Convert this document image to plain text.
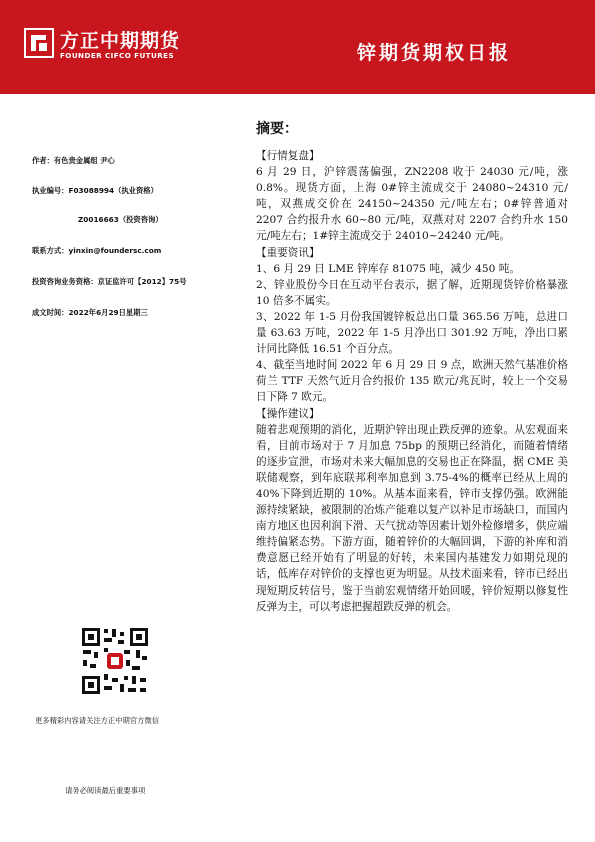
方正中期期货
FOUNDER CIFCO FUTURES	锌期货期权日报
作者：有色贵金属组 尹心
执业编号：F03088994（执业资格）
Z0016663（投资咨询）
联系方式：yinxin@foundersc.com
投资咨询业务资格：京证监许可【2012】75号
成文时间：2022年6月29日星期三
摘要：
【行情复盘】

6 月 29 日，沪锌震荡偏强，ZN2208 收于 24030 元/吨，涨 0.8%。现货方面，上海 0#锌主流成交于 24080~24310 元/吨，双燕成交价在 24150~24350 元/吨左右；0#锌普通对 2207 合约报升水 60~80 元/吨，双燕对对 2207 合约升水 150 元/吨左右；1#锌主流成交于 24010~24240 元/吨。

【重要资讯】

1、6 月 29 日 LME 锌库存 81075 吨，减少 450 吨。

2、锌业股份今日在互动平台表示，据了解，近期现货锌价格暴涨 10 倍多不属实。

3、2022 年 1-5 月份我国镀锌板总出口量 365.56 万吨，总进口量 63.63 万吨，2022 年 1-5 月净出口 301.92 万吨，净出口累计同比降低 16.51 个百分点。

4、截至当地时间 2022 年 6 月 29 日 9 点，欧洲天然气基准价格荷兰 TTF 天然气近月合约报价 135 欧元/兆瓦时，较上一个交易日下降 7 欧元。

【操作建议】

随着悲观预期的消化，近期沪锌出现止跌反弹的迹象。从宏观面来看，目前市场对于 7 月加息 75bp 的预期已经消化，而随着情绪的逐步宣泄，市场对未来大幅加息的交易也正在降温，据 CME 美联储观察，到年底联邦利率加息到 3.75-4%的概率已经从上周的 40%下降到近期的 10%。从基本面来看，锌市支撑仍强。欧洲能源持续紧缺，被限制的冶炼产能难以复产以补足市场缺口，而国内南方地区也因利润下滑、天气扰动等因素计划外检修增多，供应端维持偏紧态势。下游方面，随着锌价的大幅回调，下游的补库和消费意愿已经开始有了明显的好转，未来国内基建发力如期兑现的话，低库存对锌价的支撑也更为明显。从技术面来看，锌市已经出现短期反转信号，鉴于当前宏观情绪开始回暖，锌价短期以修复性反弹为主，可以考虑把握超跌反弹的机会。

更多精彩内容请关注方正中期官方微信
请务必阅读最后重要事项
